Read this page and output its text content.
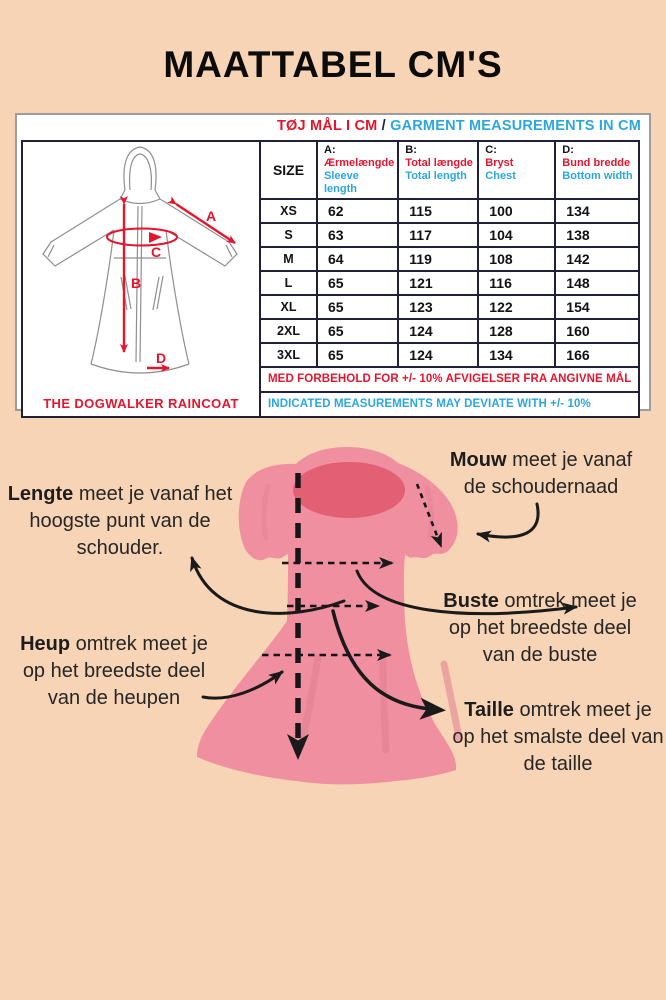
MAATTABEL CM'S
TØJ MÅL I CM / GARMENT MEASUREMENTS IN CM
A
B
C
D
THE DOGWALKER RAINCOAT
	SIZE	
A:
Ærmelængde
Sleeve length

B:
Total længde
Total length

C:
Bryst
Chest

D:
Bund bredde
Bottom width

	XS	62	115	100	134
	S	63	117	104	138
	M	64	119	108	142
	L	65	121	116	148
	XL	65	123	122	154
	2XL	65	124	128	160
	3XL	65	124	134	166
	MED FORBEHOLD FOR +/- 10% AFVIGELSER FRA ANGIVNE MÅL				
	INDICATED MEASUREMENTS MAY DEVIATE WITH +/- 10%				
Lengte meet je vanaf het hoogste punt van de schouder.
Mouw meet je vanaf de schoudernaad
Heup omtrek meet je op het breedste deel van de heupen
Buste omtrek meet je op het breedste deel van de buste
Taille omtrek meet je op het smalste deel van de taille
